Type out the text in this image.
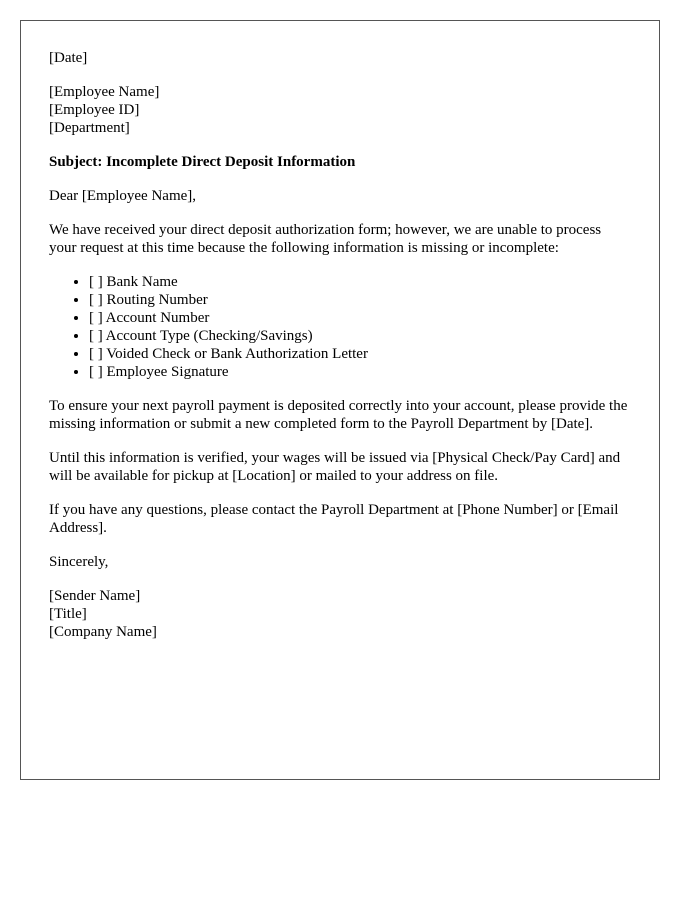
[Date]

[Employee Name]
[Employee ID]
[Department]

Subject: Incomplete Direct Deposit Information

Dear [Employee Name],

We have received your direct deposit authorization form; however, we are unable to process your request at this time because the following information is missing or incomplete:

• [ ] Bank Name
• [ ] Routing Number
• [ ] Account Number
• [ ] Account Type (Checking/Savings)
• [ ] Voided Check or Bank Authorization Letter
• [ ] Employee Signature

To ensure your next payroll payment is deposited correctly into your account, please provide the missing information or submit a new completed form to the Payroll Department by [Date].

Until this information is verified, your wages will be issued via [Physical Check/Pay Card] and will be available for pickup at [Location] or mailed to your address on file.

If you have any questions, please contact the Payroll Department at [Phone Number] or [Email Address].

Sincerely,

[Sender Name]
[Title]
[Company Name]
